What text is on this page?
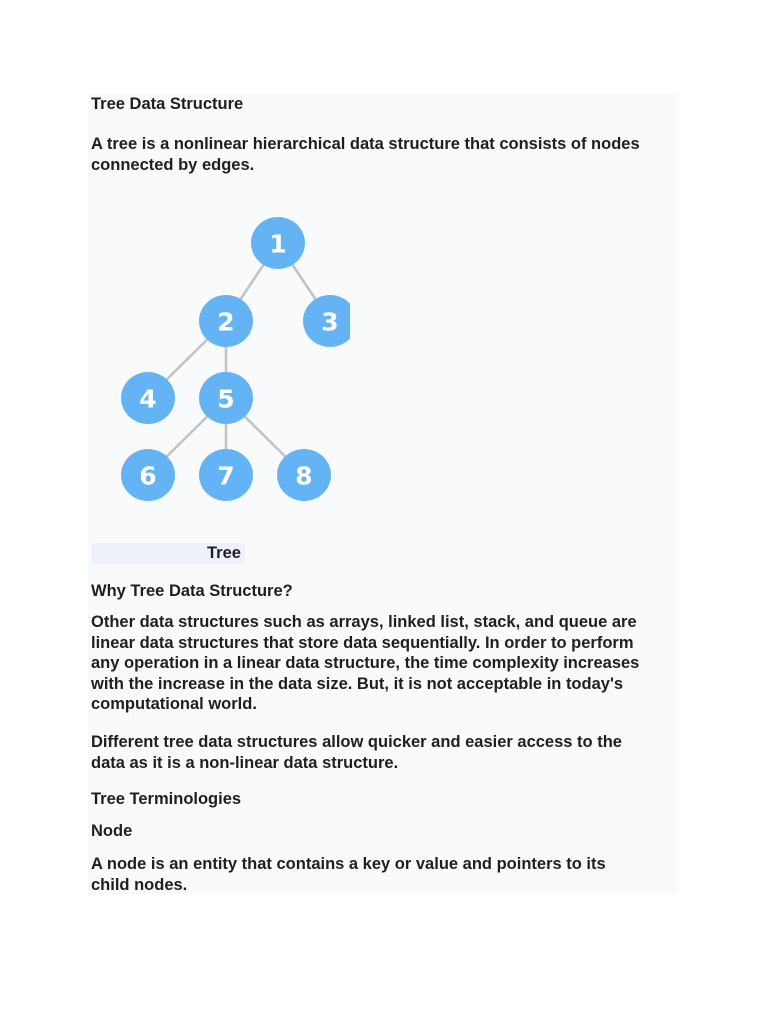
Tree Data Structure

A tree is a nonlinear hierarchical data structure that consists of nodes
connected by edges.
1
2	3
4 5
6 7 8

Tree

Why Tree Data Structure?

Other data structures such as arrays, linked list, stack, and queue are
linear data structures that store data sequentially. In order to perform
any operation in a linear data structure, the time complexity increases
with the increase in the data size. But, it is not acceptable in today's
computational world.
Different tree data structures allow quicker and easier access to the
data as it is a non-linear data structure.

Tree Terminologies

Node

A node is an entity that contains a key or value and pointers to its
child nodes.
